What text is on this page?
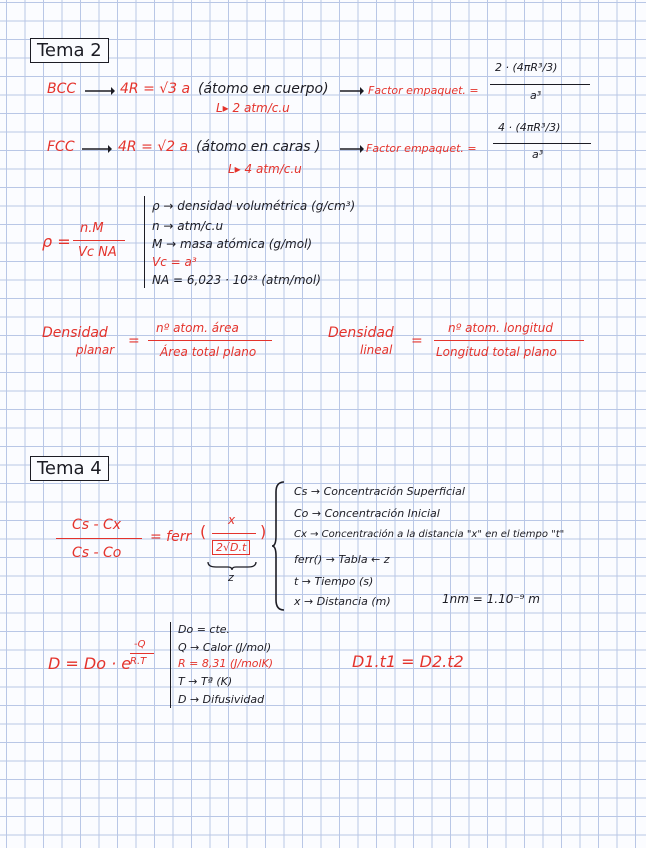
Tema 2
BCC	4R = √3 a (átomo en cuerpo)	Factor empaquet. =
2 · (4πR³/3)
a³
L▸ 2 atm/c.u
FCC	4R = √2 a (átomo en caras )	Factor empaquet. =
4 · (4πR³/3)
a³
L▸ 4 atm/c.u
ρ =
n.M
Vc NA
ρ → densidad volumétrica (g/cm³)
n → atm/c.u
M → masa atómica (g/mol)
Vc = a³
NA = 6,023 · 10²³ (atm/mol)
Densidad
planar
=
nº atom. área
Área total plano
Densidad
lineal
=
nº atom. longitud
Longitud total plano
Tema 4
Cs - Cx
Cs - Co
= ferr (
x
2√D.t
)
z
Cs → Concentración Superficial
Co → Concentración Inicial
Cx → Concentración a la distancia "x" en el tiempo "t"
ferr() → Tabla ← z
t → Tiempo (s)
x → Distancia (m)	1nm = 1.10⁻⁹ m
D = Do · e
-Q
R.T
Do = cte.
Q → Calor (J/mol)
R = 8,31 (J/molK)
T → Tª (K)
D → Difusividad
D1.t1 = D2.t2
